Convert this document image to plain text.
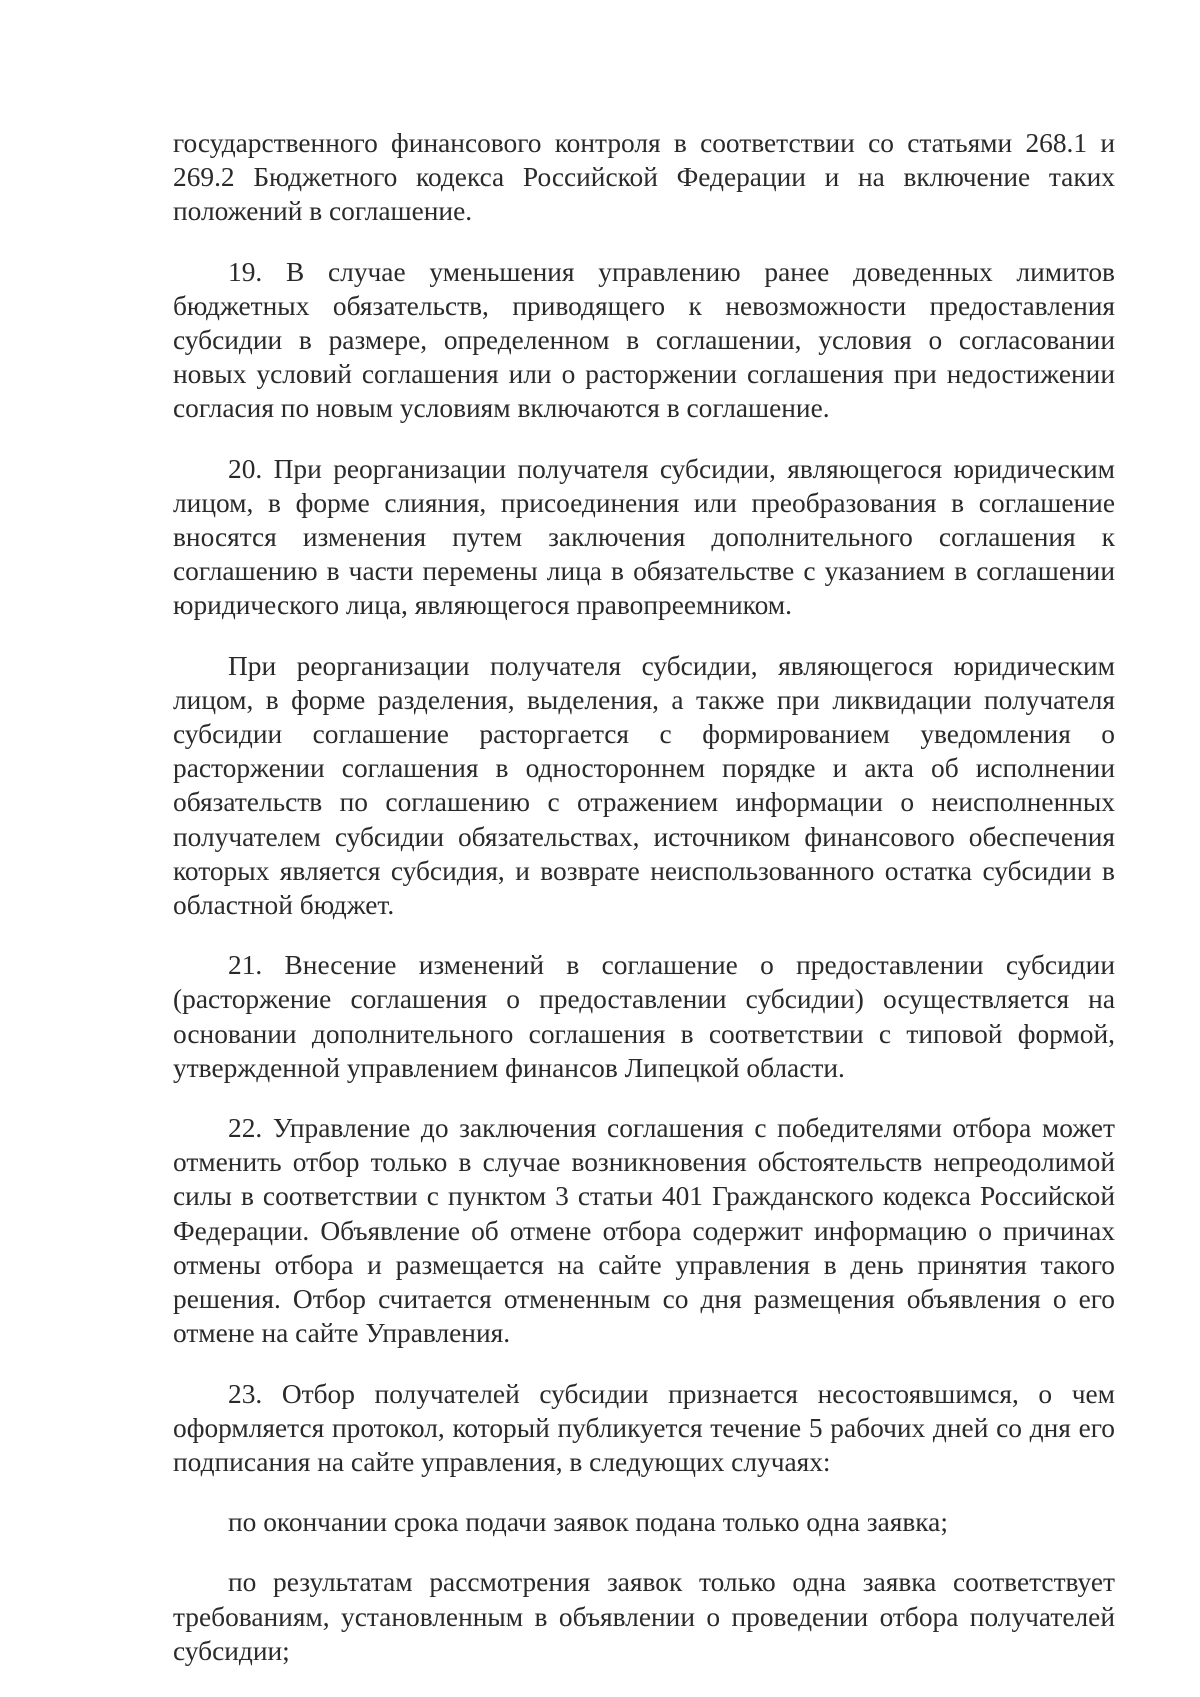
государственного финансового контроля в соответствии со статьями 268.1 и 269.2 Бюджетного кодекса Российской Федерации и на включение таких положений в соглашение.

19. В случае уменьшения управлению ранее доведенных лимитов бюджетных обязательств, приводящего к невозможности предоставления субсидии в размере, определенном в соглашении, условия о согласовании новых условий соглашения или о расторжении соглашения при недостижении согласия по новым условиям включаются в соглашение.

20. При реорганизации получателя субсидии, являющегося юридическим лицом, в форме слияния, присоединения или преобразования в соглашение вносятся изменения путем заключения дополнительного соглашения к соглашению в части перемены лица в обязательстве с указанием в соглашении юридического лица, являющегося правопреемником.

При реорганизации получателя субсидии, являющегося юридическим лицом, в форме разделения, выделения, а также при ликвидации получателя субсидии соглашение расторгается с формированием уведомления о расторжении соглашения в одностороннем порядке и акта об исполнении обязательств по соглашению с отражением информации о неисполненных получателем субсидии обязательствах, источником финансового обеспечения которых является субсидия, и возврате неиспользованного остатка субсидии в областной бюджет.

21. Внесение изменений в соглашение о предоставлении субсидии (расторжение соглашения о предоставлении субсидии) осуществляется на основании дополнительного соглашения в соответствии с типовой формой, утвержденной управлением финансов Липецкой области.

22. Управление до заключения соглашения с победителями отбора может отменить отбор только в случае возникновения обстоятельств непреодолимой силы в соответствии с пунктом 3 статьи 401 Гражданского кодекса Российской Федерации. Объявление об отмене отбора содержит информацию о причинах отмены отбора и размещается на сайте управления в день принятия такого решения. Отбор считается отмененным со дня размещения объявления о его отмене на сайте Управления.

23. Отбор получателей субсидии признается несостоявшимся, о чем оформляется протокол, который публикуется течение 5 рабочих дней со дня его подписания на сайте управления, в следующих случаях:

по окончании срока подачи заявок подана только одна заявка;

по результатам рассмотрения заявок только одна заявка соответствует требованиям, установленным в объявлении о проведении отбора получателей субсидии;
